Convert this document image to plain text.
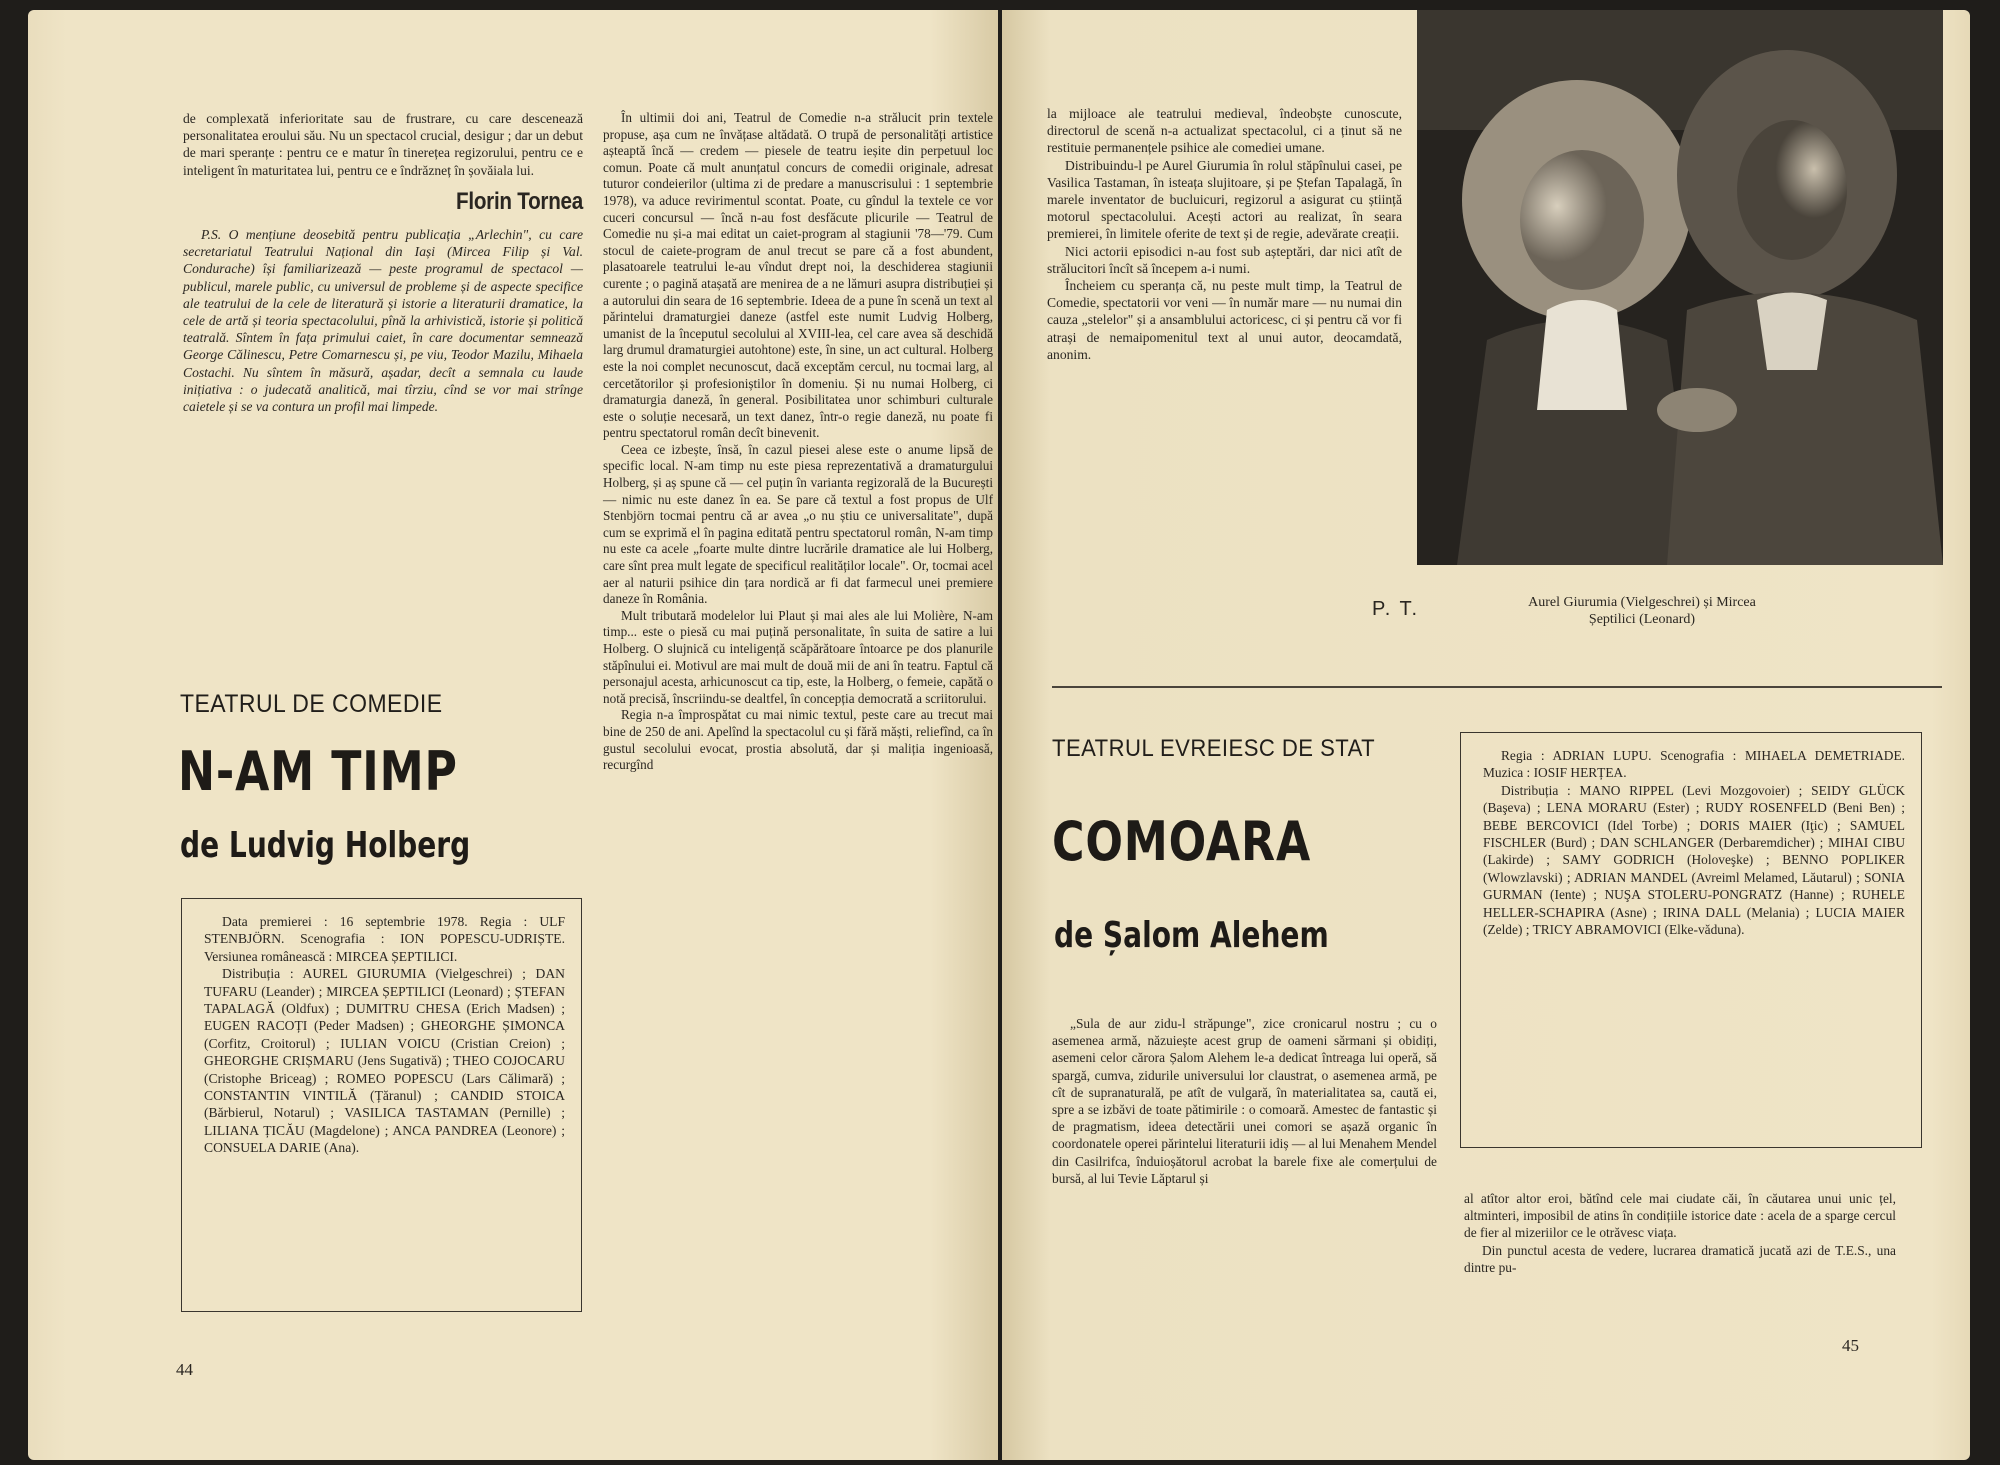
de complexată inferioritate sau de frustrare, cu care descenează personalitatea eroului său. Nu un spectacol crucial, desigur ; dar un debut de mari speranțe : pentru ce e matur în tinerețea regizorului, pentru ce e inteligent în maturitatea lui, pentru ce e îndrăzneț în șovăiala lui.

Florin Tornea

P.S. O mențiune deosebită pentru publicația „Arlechin", cu care secretariatul Teatrului Național din Iași (Mircea Filip și Val. Condurache) își familiarizează — peste programul de spectacol — publicul, marele public, cu universul de probleme și de aspecte specifice ale teatrului de la cele de literatură și istorie a literaturii dramatice, la cele de artă și teoria spectacolului, pînă la arhivistică, istorie și politică teatrală. Sîntem în fața primului caiet, în care documentar semnează George Călinescu, Petre Comarnescu și, pe viu, Teodor Mazilu, Mihaela Costachi. Nu sîntem în măsură, așadar, decît a semnala cu laude inițiativa : o judecată analitică, mai tîrziu, cînd se vor mai strînge caietele și se va contura un profil mai limpede.

TEATRUL DE COMEDIE
N-AM TIMP
de Ludvig Holberg

Data premierei : 16 septembrie 1978. Regia : ULF STENBJÖRN. Scenografia : ION POPESCU-UDRIȘTE. Versiunea românească : MIRCEA ȘEPTILICI.

Distribuția : AUREL GIURUMIA (Vielgeschrei) ; DAN TUFARU (Leander) ; MIRCEA ȘEPTILICI (Leonard) ; ȘTEFAN TAPALAGĂ (Oldfux) ; DUMITRU CHESA (Erich Madsen) ; EUGEN RACOȚI (Peder Madsen) ; GHEORGHE ȘIMONCA (Corfitz, Croitorul) ; IULIAN VOICU (Cristian Creion) ; GHEORGHE CRIȘMARU (Jens Sugativă) ; THEO COJOCARU (Cristophe Briceag) ; ROMEO POPESCU (Lars Călimară) ; CONSTANTIN VINTILĂ (Țăranul) ; CANDID STOICA (Bărbierul, Notarul) ; VASILICA TASTAMAN (Pernille) ; LILIANA ȚICĂU (Magdelone) ; ANCA PANDREA (Leonore) ; CONSUELA DARIE (Ana).

În ultimii doi ani, Teatrul de Comedie n-a strălucit prin textele propuse, așa cum ne învățase altădată. O trupă de personalități artistice așteaptă încă — credem — piesele de teatru ieșite din perpetuul loc comun. Poate că mult anunțatul concurs de comedii originale, adresat tuturor condeierilor (ultima zi de predare a manuscrisului : 1 septembrie 1978), va aduce revirimentul scontat. Poate, cu gîndul la textele ce vor cuceri concursul — încă n-au fost desfăcute plicurile — Teatrul de Comedie nu și-a mai editat un caiet-program al stagiunii '78—'79. Cum stocul de caiete-program de anul trecut se pare că a fost abundent, plasatoarele teatrului le-au vîndut drept noi, la deschiderea stagiunii curente ; o pagină atașată are menirea de a ne lămuri asupra distribuției și a autorului din seara de 16 septembrie. Ideea de a pune în scenă un text al părintelui dramaturgiei daneze (astfel este numit Ludvig Holberg, umanist de la începutul secolului al XVIII-lea, cel care avea să deschidă larg drumul dramaturgiei autohtone) este, în sine, un act cultural. Holberg este la noi complet necunoscut, dacă exceptăm cercul, nu tocmai larg, al cercetătorilor și profesioniștilor în domeniu. Și nu numai Holberg, ci dramaturgia daneză, în general. Posibilitatea unor schimburi culturale este o soluție necesară, un text danez, într-o regie daneză, nu poate fi pentru spectatorul român decît binevenit.

Ceea ce izbește, însă, în cazul piesei alese este o anume lipsă de specific local. N-am timp nu este piesa reprezentativă a dramaturgului Holberg, și aș spune că — cel puțin în varianta regizorală de la București — nimic nu este danez în ea. Se pare că textul a fost propus de Ulf Stenbjörn tocmai pentru că ar avea „o nu știu ce universalitate", după cum se exprimă el în pagina editată pentru spectatorul român, N-am timp nu este ca acele „foarte multe dintre lucrările dramatice ale lui Holberg, care sînt prea mult legate de specificul realităților locale". Or, tocmai acel aer al naturii psihice din țara nordică ar fi dat farmecul unei premiere daneze în România.

Mult tributară modelelor lui Plaut și mai ales ale lui Molière, N-am timp... este o piesă cu mai puțină personalitate, în suita de satire a lui Holberg. O slujnică cu inteligență scăpărătoare întoarce pe dos planurile stăpînului ei. Motivul are mai mult de două mii de ani în teatru. Faptul că personajul acesta, arhicunoscut ca tip, este, la Holberg, o femeie, capătă o notă precisă, înscriindu-se dealtfel, în concepția democrată a scriitorului.

Regia n-a împrospătat cu mai nimic textul, peste care au trecut mai bine de 250 de ani. Apelînd la spectacolul cu și fără măști, reliefînd, ca în gustul secolului evocat, prostia absolută, dar și maliția ingenioasă, recurgînd

44

la mijloace ale teatrului medieval, îndeobște cunoscute, directorul de scenă n-a actualizat spectacolul, ci a ținut să ne restituie permanențele psihice ale comediei umane.

Distribuindu-l pe Aurel Giurumia în rolul stăpînului casei, pe Vasilica Tastaman, în isteața slujitoare, și pe Ștefan Tapalagă, în marele inventator de bucluicuri, regizorul a asigurat cu știință motorul spectacolului. Acești actori au realizat, în seara premierei, în limitele oferite de text și de regie, adevărate creații.

Nici actorii episodici n-au fost sub așteptări, dar nici atît de strălucitori încît să începem a-i numi.

Încheiem cu speranța că, nu peste mult timp, la Teatrul de Comedie, spectatorii vor veni — în număr mare — nu numai din cauza „stelelor" și a ansamblului actoricesc, ci și pentru că vor fi atrași de nemaipomenitul text al unui autor, deocamdată, anonim.

P. T.	Aurel Giurumia (Vielgeschrei) și Mircea Șeptilici (Leonard)
TEATRUL EVREIESC DE STAT
COMOARA
de Șalom Alehem

Regia : ADRIAN LUPU. Scenografia : MIHAELA DEMETRIADE. Muzica : IOSIF HERȚEA.

Distribuția : MANO RIPPEL (Levi Mozgovoier) ; SEIDY GLÜCK (Başeva) ; LENA MORARU (Ester) ; RUDY ROSENFELD (Beni Ben) ; BEBE BERCOVICI (Idel Torbe) ; DORIS MAIER (Iţic) ; SAMUEL FISCHLER (Burd) ; DAN SCHLANGER (Derbaremdicher) ; MIHAI CIBU (Lakirde) ; SAMY GODRICH (Holoveşke) ; BENNO POPLIKER (Wlowzlavski) ; ADRIAN MANDEL (Avreiml Melamed, Lăutarul) ; SONIA GURMAN (Iente) ; NUŞA STOLERU-PONGRATZ (Hanne) ; RUHELE HELLER-SCHAPIRA (Asne) ; IRINA DALL (Melania) ; LUCIA MAIER (Zelde) ; TRICY ABRAMOVICI (Elke-văduna).

„Sula de aur zidu-l străpunge", zice cronicarul nostru ; cu o asemenea armă, năzuiește acest grup de oameni sărmani și obidiți, asemeni celor cărora Șalom Alehem le-a dedicat întreaga lui operă, să spargă, cumva, zidurile universului lor claustrat, o asemenea armă, pe cît de supranaturală, pe atît de vulgară, în materialitatea sa, caută ei, spre a se izbăvi de toate pătimirile : o comoară. Amestec de fantastic și de pragmatism, ideea detectării unei comori se așază organic în coordonatele operei părintelui literaturii idiș — al lui Menahem Mendel din Casilrifca, înduioșătorul acrobat la barele fixe ale comerțului de bursă, al lui Tevie Lăptarul și

al atîtor altor eroi, bătînd cele mai ciudate căi, în căutarea unui unic țel, altminteri, imposibil de atins în condițiile istorice date : acela de a sparge cercul de fier al mizeriilor ce le otrăvesc viața.

Din punctul acesta de vedere, lucrarea dramatică jucată azi de T.E.S., una dintre pu-

45
